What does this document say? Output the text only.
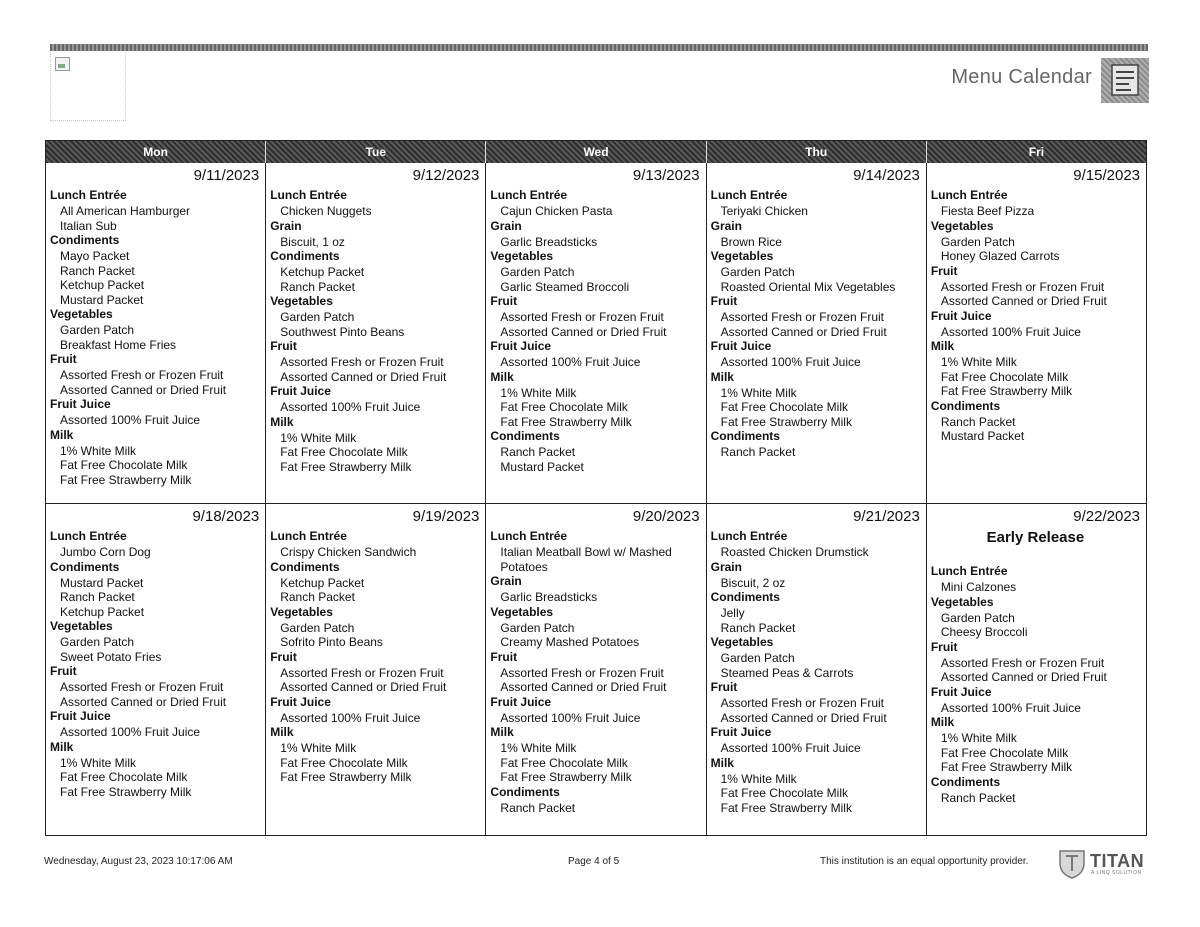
Menu Calendar
Mon	Tue	Wed	Thu	Fri
9/11/2023
Lunch Entrée
All American Hamburger
Italian Sub
Condiments
Mayo Packet
Ranch Packet
Ketchup Packet
Mustard Packet
Vegetables
Garden Patch
Breakfast Home Fries
Fruit
Assorted Fresh or Frozen Fruit
Assorted Canned or Dried Fruit
Fruit Juice
Assorted 100% Fruit Juice
Milk
1% White Milk
Fat Free Chocolate Milk
Fat Free Strawberry Milk
9/12/2023
Lunch Entrée
Chicken Nuggets
Grain
Biscuit, 1 oz
Condiments
Ketchup Packet
Ranch Packet
Vegetables
Garden Patch
Southwest Pinto Beans
Fruit
Assorted Fresh or Frozen Fruit
Assorted Canned or Dried Fruit
Fruit Juice
Assorted 100% Fruit Juice
Milk
1% White Milk
Fat Free Chocolate Milk
Fat Free Strawberry Milk
9/13/2023
Lunch Entrée
Cajun Chicken Pasta
Grain
Garlic Breadsticks
Vegetables
Garden Patch
Garlic Steamed Broccoli
Fruit
Assorted Fresh or Frozen Fruit
Assorted Canned or Dried Fruit
Fruit Juice
Assorted 100% Fruit Juice
Milk
1% White Milk
Fat Free Chocolate Milk
Fat Free Strawberry Milk
Condiments
Ranch Packet
Mustard Packet
9/14/2023
Lunch Entrée
Teriyaki Chicken
Grain
Brown Rice
Vegetables
Garden Patch
Roasted Oriental Mix Vegetables
Fruit
Assorted Fresh or Frozen Fruit
Assorted Canned or Dried Fruit
Fruit Juice
Assorted 100% Fruit Juice
Milk
1% White Milk
Fat Free Chocolate Milk
Fat Free Strawberry Milk
Condiments
Ranch Packet
9/15/2023
Lunch Entrée
Fiesta Beef Pizza
Vegetables
Garden Patch
Honey Glazed Carrots
Fruit
Assorted Fresh or Frozen Fruit
Assorted Canned or Dried Fruit
Fruit Juice
Assorted 100% Fruit Juice
Milk
1% White Milk
Fat Free Chocolate Milk
Fat Free Strawberry Milk
Condiments
Ranch Packet
Mustard Packet
9/18/2023
Lunch Entrée
Jumbo Corn Dog
Condiments
Mustard Packet
Ranch Packet
Ketchup Packet
Vegetables
Garden Patch
Sweet Potato Fries
Fruit
Assorted Fresh or Frozen Fruit
Assorted Canned or Dried Fruit
Fruit Juice
Assorted 100% Fruit Juice
Milk
1% White Milk
Fat Free Chocolate Milk
Fat Free Strawberry Milk
9/19/2023
Lunch Entrée
Crispy Chicken Sandwich
Condiments
Ketchup Packet
Ranch Packet
Vegetables
Garden Patch
Sofrito Pinto Beans
Fruit
Assorted Fresh or Frozen Fruit
Assorted Canned or Dried Fruit
Fruit Juice
Assorted 100% Fruit Juice
Milk
1% White Milk
Fat Free Chocolate Milk
Fat Free Strawberry Milk
9/20/2023
Lunch Entrée
Italian Meatball Bowl w/ Mashed
Potatoes
Grain
Garlic Breadsticks
Vegetables
Garden Patch
Creamy Mashed Potatoes
Fruit
Assorted Fresh or Frozen Fruit
Assorted Canned or Dried Fruit
Fruit Juice
Assorted 100% Fruit Juice
Milk
1% White Milk
Fat Free Chocolate Milk
Fat Free Strawberry Milk
Condiments
Ranch Packet
9/21/2023
Lunch Entrée
Roasted Chicken Drumstick
Grain
Biscuit, 2 oz
Condiments
Jelly
Ranch Packet
Vegetables
Garden Patch
Steamed Peas & Carrots
Fruit
Assorted Fresh or Frozen Fruit
Assorted Canned or Dried Fruit
Fruit Juice
Assorted 100% Fruit Juice
Milk
1% White Milk
Fat Free Chocolate Milk
Fat Free Strawberry Milk
9/22/2023
Early Release
Lunch Entrée
Mini Calzones
Vegetables
Garden Patch
Cheesy Broccoli
Fruit
Assorted Fresh or Frozen Fruit
Assorted Canned or Dried Fruit
Fruit Juice
Assorted 100% Fruit Juice
Milk
1% White Milk
Fat Free Chocolate Milk
Fat Free Strawberry Milk
Condiments
Ranch Packet
Wednesday, August 23, 2023 10:17:06 AM	Page 4 of 5	This institution is an equal opportunity provider.	TITAN
A LINQ SOLUTION
